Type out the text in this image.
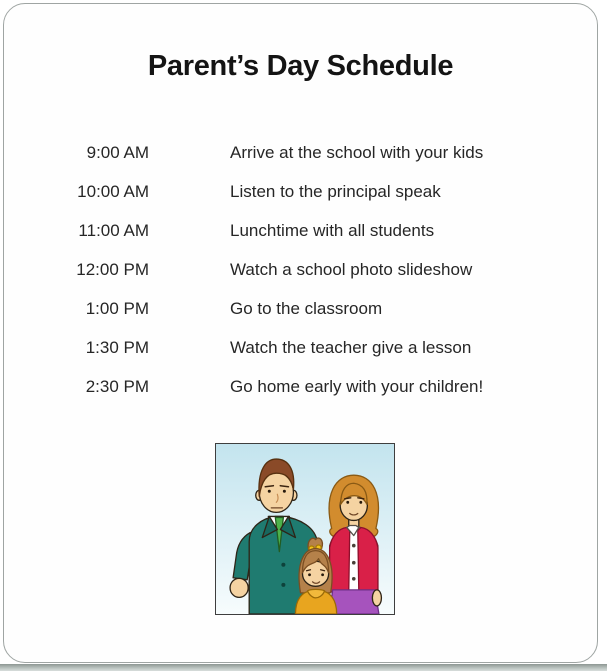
Parent’s Day Schedule
9:00 AM	Arrive at the school with your kids
10:00 AM	Listen to the principal speak
11:00 AM	Lunchtime with all students
12:00 PM	Watch a school photo slideshow
1:00 PM	Go to the classroom
1:30 PM	Watch the teacher give a lesson
2:30 PM	Go home early with your children!
